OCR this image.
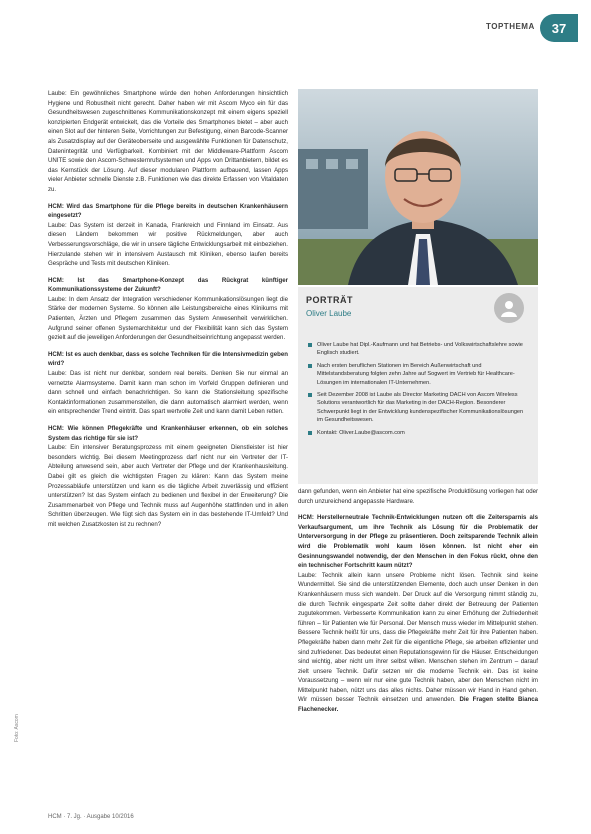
TOPTHEMA	37

Laube: Ein gewöhnliches Smartphone würde den hohen Anforderungen hinsichtlich Hygiene und Robustheit nicht gerecht. Daher haben wir mit Ascom Myco ein für das Gesundheitswesen zugeschnittenes Kommunikationskonzept mit einem eigens speziell konzipierten Endgerät entwickelt, das die Vorteile des Smartphones bietet – aber auch einen Slot auf der hinteren Seite, Vorrichtungen zur Befestigung, einen Barcode-Scanner als Zusatzdisplay auf der Geräteoberseite und ausgewählte Funktionen für Datenschutz, Datenintegrität und Verfügbarkeit. Kombiniert mit der Middleware-Plattform Ascom UNITE sowie den Ascom-Schwesternrufsystemen und Apps von Drittanbietern, bildet es das Kernstück der Lösung. Auf dieser modularen Plattform aufbauend, lassen Apps vieler Anbieter schnelle Dienste z.B. Funktionen wie das direkte Erfassen von Vitaldaten zu.

HCM: Wird das Smartphone für die Pflege bereits in deutschen Krankenhäusern eingesetzt?
Laube: Das System ist derzeit in Kanada, Frankreich und Finnland im Einsatz. Aus diesen Ländern bekommen wir positive Rückmeldungen, aber auch Verbesserungsvorschläge, die wir in unsere tägliche Entwicklungsarbeit mit einbeziehen. Hierzulande stehen wir in intensivem Austausch mit Kliniken, ebenso laufen bereits Gespräche und Tests mit deutschen Kliniken.

HCM: Ist das Smartphone-Konzept das Rückgrat künftiger Kommunikationssysteme der Zukunft?
Laube: In dem Ansatz der Integration verschiedener Kommunikationslösungen liegt die Stärke der modernen Systeme. So können alle Leistungsbereiche eines Klinikums mit Patienten, Ärzten und Pflegern zusammen das System Anwesenheit verwirklichen. Aufgrund seiner offenen Systemarchitektur und der Flexibilität kann sich das System gezielt auf die jeweiligen Anforderungen der Gesundheitseinrichtung angepasst werden.

HCM: Ist es auch denkbar, dass es solche Techniken für die Intensivmedizin geben wird?
Laube: Das ist nicht nur denkbar, sondern real bereits. Denken Sie nur einmal an vernetzte Alarmsysteme. Damit kann man schon im Vorfeld Gruppen definieren und dann schnell und einfach benachrichtigen. So kann die Stationsleitung spezifische Kontaktinformationen zusammenstellen, die dann automatisch alarmiert werden, wenn ein entsprechender Trend eintritt. Das spart wertvolle Zeit und kann damit Leben retten.

HCM: Wie können Pflegekräfte und Krankenhäuser erkennen, ob ein solches System das richtige für sie ist?
Laube: Ein intensiver Beratungsprozess mit einem geeigneten Dienstleister ist hier besonders wichtig. Bei diesem Meetingprozess darf nicht nur ein Vertreter der IT-Abteilung anwesend sein, aber auch Vertreter der Pflege und der Krankenhausleitung. Dabei gilt es gleich die wichtigsten Fragen zu klären: Kann das System meine Prozessabläufe unterstützen und kann es die tägliche Arbeit zuverlässig und effizient unterstützen? Ist das System einfach zu bedienen und flexibel in der Erweiterung? Die Zusammenarbeit von Pflege und Technik muss auf Augenhöhe stattfinden und in allen Schritten überzeugen. Wie fügt sich das System ein in das bestehende IT-Umfeld? Und mit welchen Zusatzkosten ist zu rechnen?

PORTRÄT
Oliver Laube
Oliver Laube hat Dipl.-Kaufmann und hat Betriebs- und Volkswirtschaftslehre sowie Englisch studiert.
Nach ersten beruflichen Stationen im Bereich Außenwirtschaft und Mittelstandsberatung folgten zehn Jahre auf Sogwert im Vertrieb für Healthcare-Lösungen im internationalen IT-Unternehmen.
Seit Dezember 2008 ist Laube als Director Marketing DACH von Ascom Wireless Solutions verantwortlich für das Marketing in der DACH-Region. Besonderer Schwerpunkt liegt in der Entwicklung kundenspezifischer Kommunikationslösungen im Gesundheitswesen.
Kontakt: Oliver.Laube@ascom.com

dann gefunden, wenn ein Anbieter hat eine spezifische Produktlösung vorliegen hat oder durch unzureichend angepasste Hardware.

HCM: Herstellerneutrale Technik-Entwicklungen nutzen oft die Zeitersparnis als Verkaufsargument, um ihre Technik als Lösung für die Problematik der Unterversorgung in der Pflege zu präsentieren. Doch zeitsparende Technik allein wird die Problematik wohl kaum lösen können. Ist nicht eher ein Gesinnungswandel notwendig, der den Menschen in den Fokus rückt, ohne den ein technischer Fortschritt kaum nützt?
Laube: Technik allein kann unsere Probleme nicht lösen. Technik sind keine Wundermittel. Sie sind die unterstützenden Elemente, doch auch unser Denken in den Krankenhäusern muss sich wandeln. Der Druck auf die Versorgung nimmt ständig zu, die durch Technik eingesparte Zeit sollte daher direkt der Betreuung der Patienten zugutekommen. Verbesserte Kommunikation kann zu einer Erhöhung der Zufriedenheit führen – für Patienten wie für Personal. Der Mensch muss wieder im Mittelpunkt stehen. Bessere Technik heißt für uns, dass die Pflegekräfte mehr Zeit für ihre Patienten haben. Pflegekräfte haben dann mehr Zeit für die eigentliche Pflege, sie arbeiten effizienter und sind zufriedener. Das bedeutet einen Reputationsgewinn für die Häuser. Entscheidungen sind wichtig, aber nicht um ihrer selbst willen. Menschen stehen im Zentrum – darauf zielt unsere Technik. Dafür setzen wir die moderne Technik ein. Das ist keine Voraussetzung – wenn wir nur eine gute Technik haben, aber den Menschen nicht im Mittelpunkt haben, nützt uns das alles nichts. Daher müssen wir Hand in Hand gehen. Wir müssen besser Technik einsetzen und anwenden. Die Fragen stellte Bianca Flachenecker.

Foto: Ascom
HCM · 7. Jg. · Ausgabe 10/2016
